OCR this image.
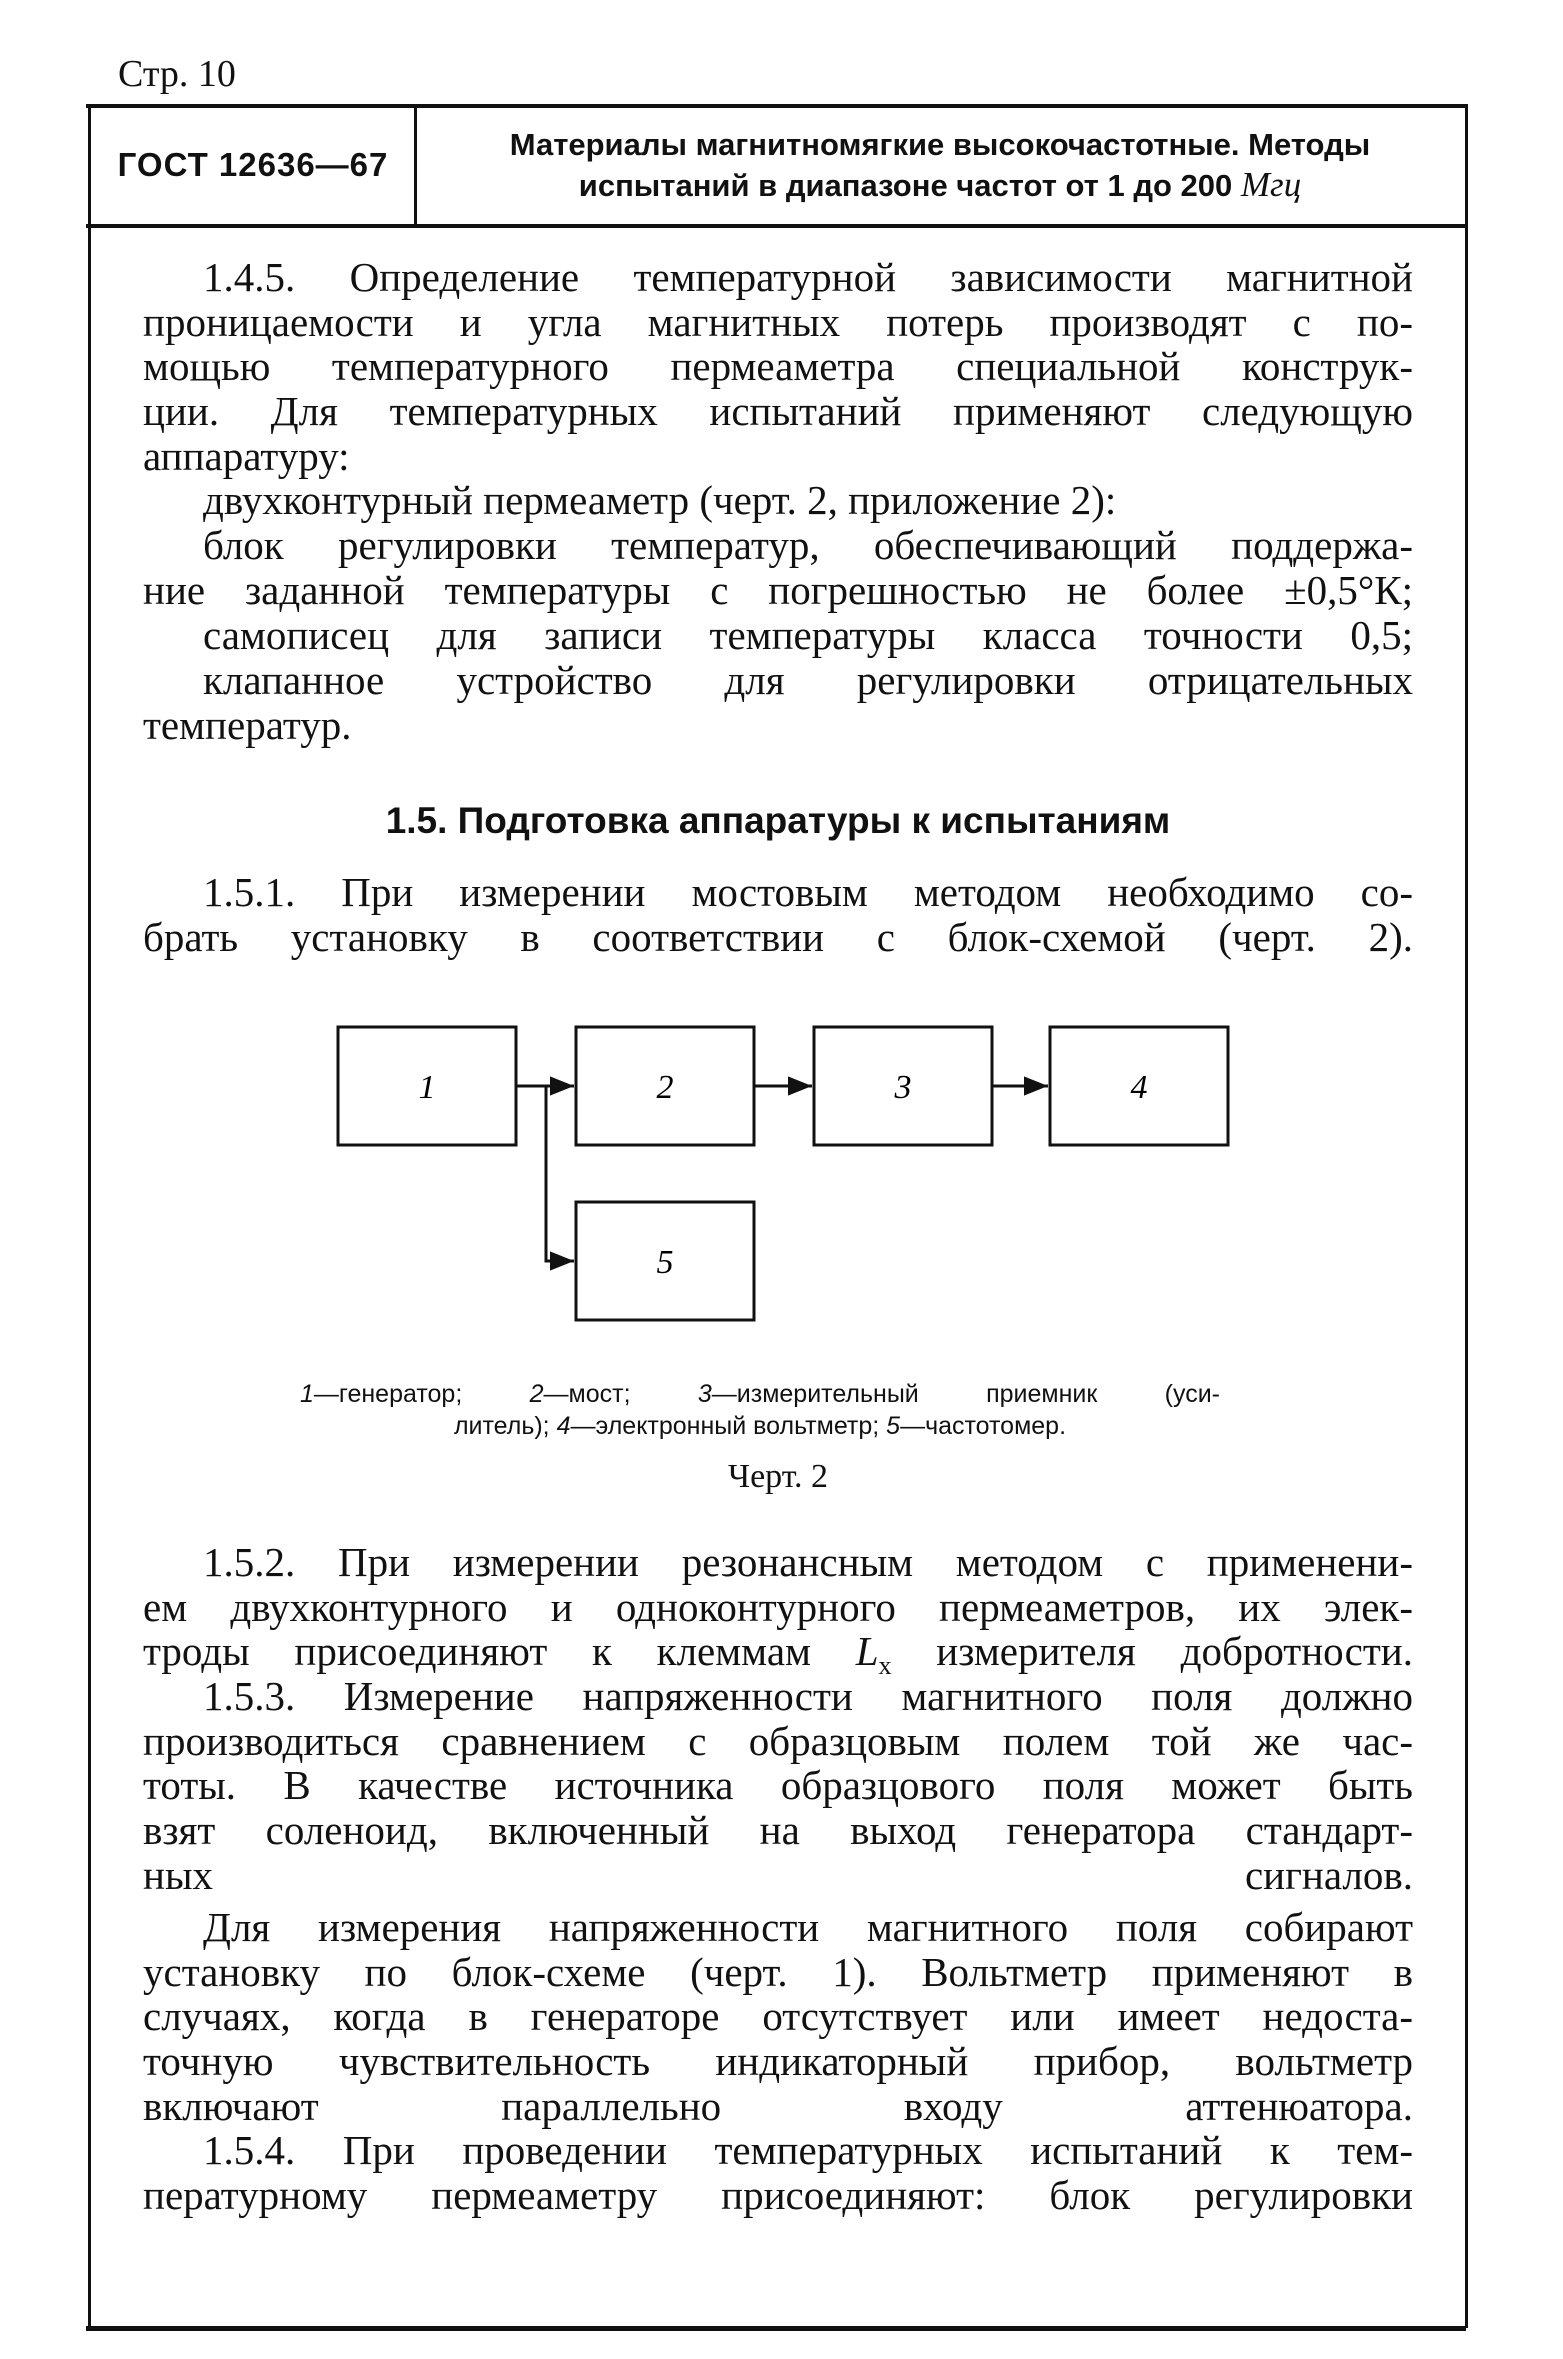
Стр. 10
ГОСТ 12636—67
Материалы магнитномягкие высокочастотные. Методы
испытаний в диапазоне частот от 1 до 200 Мгц
1.4.5. Определение температурной зависимости магнитной
проницаемости и угла магнитных потерь производят с по-
мощью температурного пермеаметра специальной конструк-
ции. Для температурных испытаний применяют следующую
аппаратуру:
двухконтурный пермеаметр (черт. 2, приложение 2):
блок регулировки температур, обеспечивающий поддержа-
ние заданной температуры с погрешностью не более ±0,5°К;
самописец для записи температуры класса точности 0,5;
клапанное устройство для регулировки отрицательных
температур.
1.5. Подготовка аппаратуры к испытаниям
1.5.1. При измерении мостовым методом необходимо со-
брать установку в соответствии с блок-схемой (черт. 2).
1	2	3	4
5
1—генератор;	2—мост;	3—измерительный приемник (уси-
литель); 4—электронный вольтметр; 5—частотомер.
Черт. 2
1.5.2. При измерении резонансным методом с применени-
ем двухконтурного и одноконтурного пермеаметров, их элек-
троды присоединяют к клеммам $L_x$ измерителя добротности.
1.5.3. Измерение напряженности магнитного поля должно
производиться сравнением с образцовым полем той же час-
тоты. В качестве источника образцового поля может быть
взят соленоид, включенный на выход генератора стандарт-
ных сигналов.
Для измерения напряженности магнитного поля собирают
установку по блок-схеме (черт. 1). Вольтметр применяют в
случаях, когда в генераторе отсутствует или имеет недоста-
точную чувствительность индикаторный прибор, вольтметр
включают параллельно входу аттенюатора.
1.5.4. При проведении температурных испытаний к тем-
пературному пермеаметру присоединяют: блок регулировки
